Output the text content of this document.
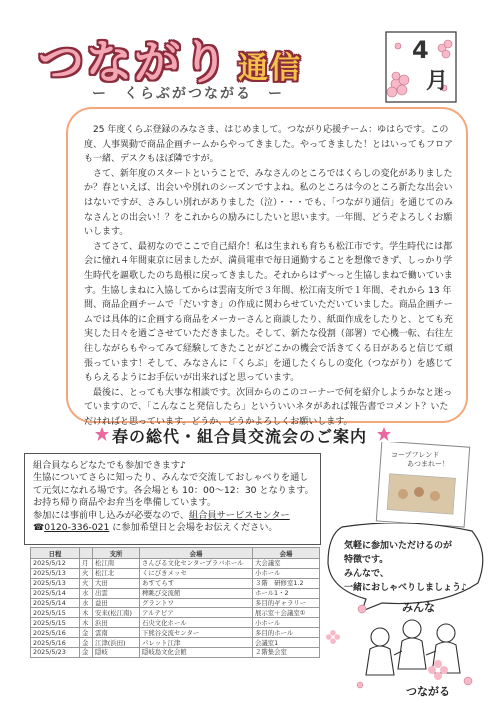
つながり 通信
ー　くらぶがつながる　ー
4
月

25 年度くらぶ登録のみなさま、はじめまして。つながり応援チーム：ゆはらです。この度、人事異動で商品企画チームからやってきました。やってきました！とはいってもフロアも一緒、デスクもほぼ隣ですが。

さて、新年度のスタートということで、みなさんのところではくらしの変化がありましたか？春といえば、出会いや別れのシーズンですよね。私のところは今のところ新たな出会いはないですが、さみしい別れがありました（泣）・・・でも、「つながり通信」を通じてのみなさんとの出会い！？をこれからの励みにしたいと思います。一年間、どうぞよろしくお願いします。

さてさて、最初なのでここで自己紹介！私は生まれも育ちも松江市です。学生時代には都会に憧れ４年間東京に居ましたが、満員電車で毎日通勤することを想像できず、しっかり学生時代を謳歌したのち島根に戻ってきました。それからはず～っと生協しまねで働いています。生協しまねに入協してからは雲南支所で３年間、松江南支所で１年間、それから 13 年間、商品企画チームで「だいすき」の作成に関わらせていただいていました。商品企画チームでは具体的に企画する商品をメーカーさんと商談したり、紙面作成をしたりと、とても充実した日々を過ごさせていただきました。そして、新たな役割（部署）で心機一転、右往左往しながらもやってみて経験してきたことがどこかの機会で活きてくる日があると信じて頑張っています！そして、みなさんに「くらぶ」を通したくらしの変化（つながり）を感じてもらえるようにお手伝いが出来ればと思っています。

最後に、とっても大事な相談です。次回からのこのコーナーで何を紹介しようかなと迷っていますので、「こんなこと発信したら」といういいネタがあれば報告書でコメント？いただければと思っています。どうか、どうかよろしくお願いします。

春の総代・組合員交流会のご案内
組合員ならどなたでも参加できます♪
生協についてさらに知ったり、みんなで交流しておしゃべりを通して元気になれる場です。各会場とも 10：00～12：30 となります。
お持ち帰り商品やお弁当を準備しています。
参加には事前申し込みが必要なので、組合員サービスセンター
☎0120-336-021 に参加希望日と会場をお伝えください。
日程		支所	会場	会場
2025/5/12	月	松江南	さんびる文化センタープラバホール	大会議室
2025/5/13	火	松江北	くにびきメッセ	小ホール
2025/5/13	火	大田	あすてらす	３階　研修室1.2
2025/5/14	水	出雲	稗眺び交流館	ホール1・2
2025/5/14	水	益田	グラントワ	多目的ギャラリー
2025/5/15	木	安来(松江南)	アルテピア	展示室＋会議室①
2025/5/15	木	浜田	石央文化ホール	小ホール
2025/5/16	金	雲南	下熊谷交流センター	多目的ホール
2025/5/16	金	江津(浜田)	パレット江津	会議室1
2025/5/23	金	隠岐	隠岐島文化会館	２階集会室
コープフレンド
あつまれー！
気軽に参加いただけるのが
特徴です。
みんなで、
一緒におしゃべりしましょう♪
みんな
つながる
